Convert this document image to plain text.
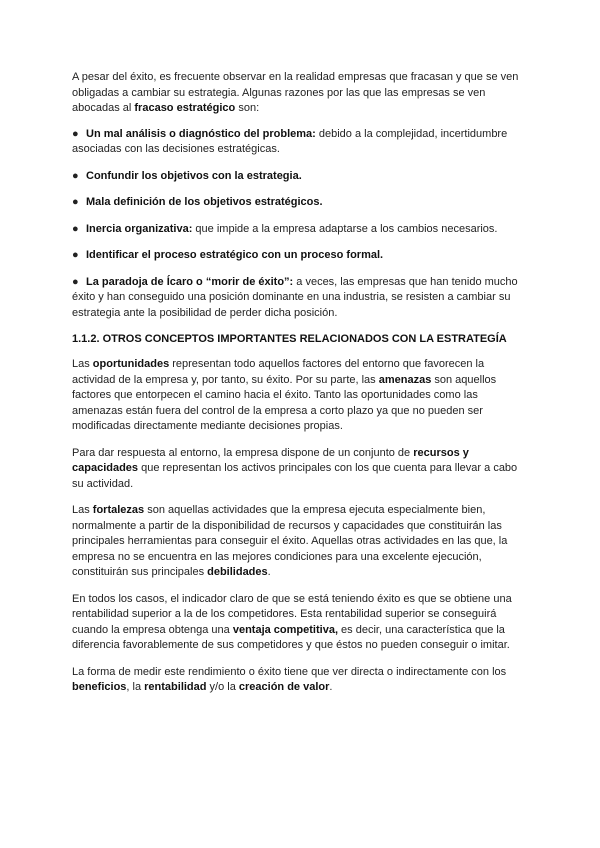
A pesar del éxito, es frecuente observar en la realidad empresas que fracasan y que se ven obligadas a cambiar su estrategia. Algunas razones por las que las empresas se ven abocadas al fracaso estratégico son:

● Un mal análisis o diagnóstico del problema: debido a la complejidad, incertidumbre asociadas con las decisiones estratégicas.
● Confundir los objetivos con la estrategia.
● Mala definición de los objetivos estratégicos.
● Inercia organizativa: que impide a la empresa adaptarse a los cambios necesarios.
● Identificar el proceso estratégico con un proceso formal.
● La paradoja de Ícaro o “morir de éxito”: a veces, las empresas que han tenido mucho éxito y han conseguido una posición dominante en una industria, se resisten a cambiar su estrategia ante la posibilidad de perder dicha posición.
1.1.2. OTROS CONCEPTOS IMPORTANTES RELACIONADOS CON LA ESTRATEGÍA

Las oportunidades representan todo aquellos factores del entorno que favorecen la actividad de la empresa y, por tanto, su éxito. Por su parte, las amenazas son aquellos factores que entorpecen el camino hacia el éxito. Tanto las oportunidades como las amenazas están fuera del control de la empresa a corto plazo ya que no pueden ser modificadas directamente mediante decisiones propias.

Para dar respuesta al entorno, la empresa dispone de un conjunto de recursos y capacidades que representan los activos principales con los que cuenta para llevar a cabo su actividad.

Las fortalezas son aquellas actividades que la empresa ejecuta especialmente bien, normalmente a partir de la disponibilidad de recursos y capacidades que constituirán las principales herramientas para conseguir el éxito. Aquellas otras actividades en las que, la empresa no se encuentra en las mejores condiciones para una excelente ejecución, constituirán sus principales debilidades.

En todos los casos, el indicador claro de que se está teniendo éxito es que se obtiene una rentabilidad superior a la de los competidores. Esta rentabilidad superior se conseguirá cuando la empresa obtenga una ventaja competitiva, es decir, una característica que la diferencia favorablemente de sus competidores y que éstos no pueden conseguir o imitar.

La forma de medir este rendimiento o éxito tiene que ver directa o indirectamente con los beneficios, la rentabilidad y/o la creación de valor.
